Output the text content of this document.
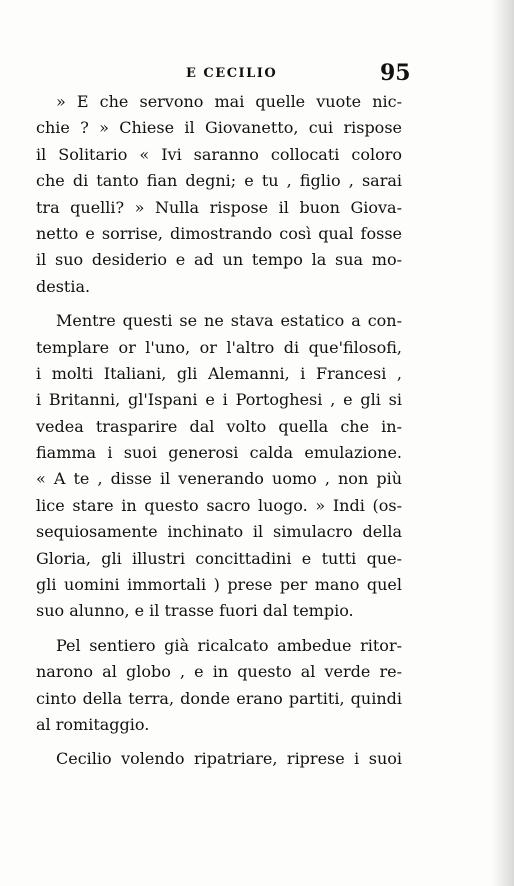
E CECILIO	95
» E che servono mai quelle vuote nic-
chie ? » Chiese il Giovanetto, cui rispose
il Solitario « Ivi saranno collocati coloro
che di tanto fian degni; e tu , figlio , sarai
tra quelli? » Nulla rispose il buon Giova-
netto e sorrise, dimostrando così qual fosse
il suo desiderio e ad un tempo la sua mo-
destia.
Mentre questi se ne stava estatico a con-
templare or l'uno, or l'altro di que'filosofi,
i molti Italiani, gli Alemanni, i Francesi ,
i Britanni, gl'Ispani e i Portoghesi , e gli si
vedea trasparire dal volto quella che in-
fiamma i suoi generosi calda emulazione.
« A te , disse il venerando uomo , non più
lice stare in questo sacro luogo. » Indi (os-
sequiosamente inchinato il simulacro della
Gloria, gli illustri concittadini e tutti que-
gli uomini immortali ) prese per mano quel
suo alunno, e il trasse fuori dal tempio.
Pel sentiero già ricalcato ambedue ritor-
narono al globo , e in questo al verde re-
cinto della terra, donde erano partiti, quindi
al romitaggio.
Cecilio volendo ripatriare, riprese i suoi
